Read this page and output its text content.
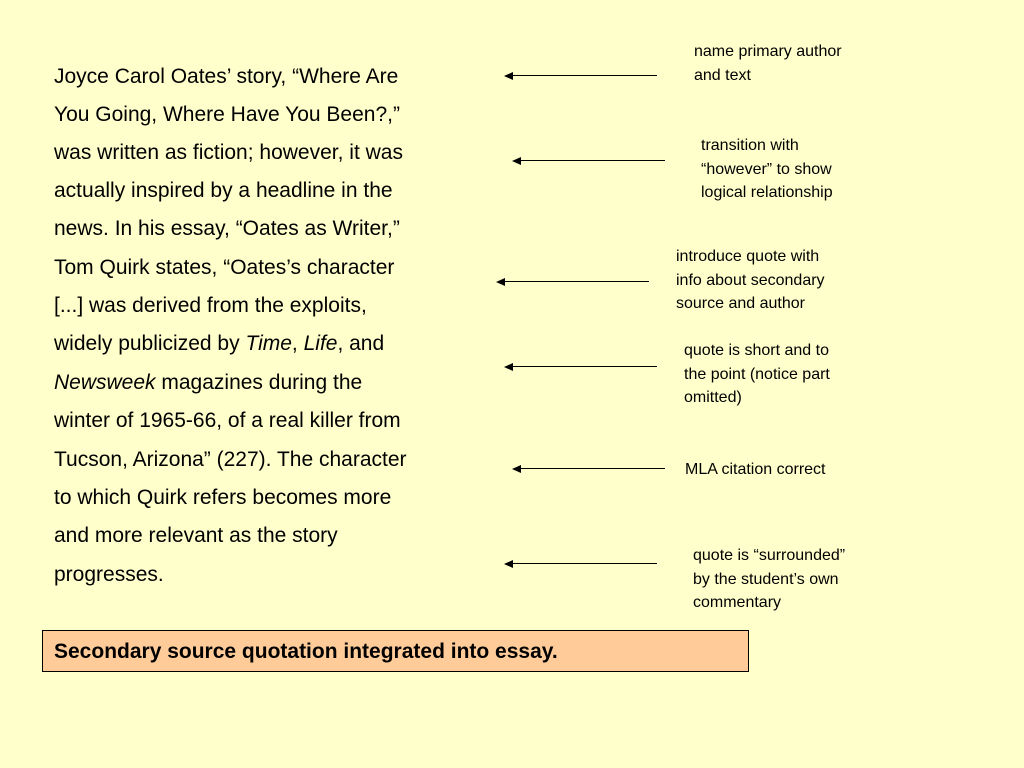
Joyce Carol Oates’ story, “Where Are
You Going, Where Have You Been?,”
was written as fiction; however, it was
actually inspired by a headline in the
news. In his essay, “Oates as Writer,”
Tom Quirk states, “Oates’s character
[...] was derived from the exploits,
widely publicized by Time, Life, and
Newsweek magazines during the
winter of 1965-66, of a real killer from
Tucson, Arizona” (227). The character
to which Quirk refers becomes more
and more relevant as the story
progresses.
name primary author
and text
transition with
“however” to show
logical relationship
introduce quote with
info about secondary
source and author
quote is short and to
the point (notice part
omitted)
MLA citation correct
quote is “surrounded”
by the student’s own
commentary
Secondary source quotation integrated into essay.
